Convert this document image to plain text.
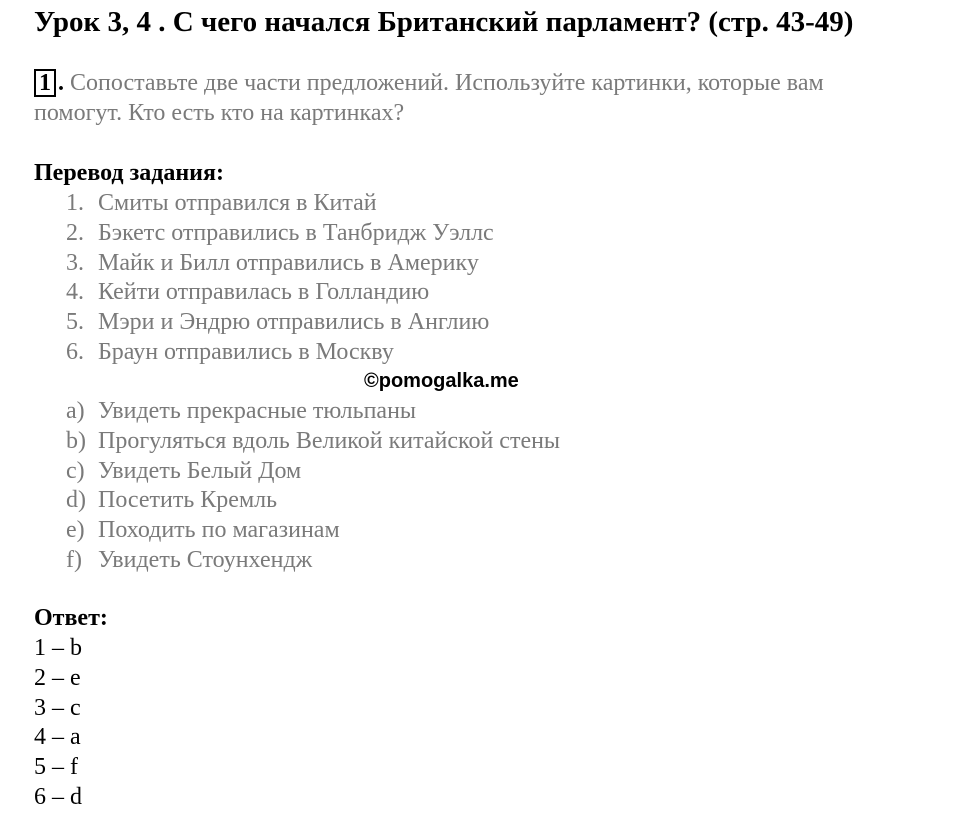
Урок 3, 4 . С чего начался Британский парламент? (стр. 43-49)
1 . Сопоставьте две части предложений. Используйте картинки, которые вам помогут. Кто есть кто на картинках?
Перевод задания:
1. Смиты отправился в Китай
2. Бэкетс отправились в Танбридж Уэллс
3. Майк и Билл отправились в Америку
4. Кейти отправилась в Голландию
5. Мэри и Эндрю отправились в Англию
6. Браун отправились в Москву
©pomogalka.me
a) Увидеть прекрасные тюльпаны
b) Прогуляться вдоль Великой китайской стены
c) Увидеть Белый Дом
d) Посетить Кремль
e) Походить по магазинам
f) Увидеть Стоунхендж
Ответ:
1 – b
2 – e
3 – c
4 – a
5 – f
6 – d
